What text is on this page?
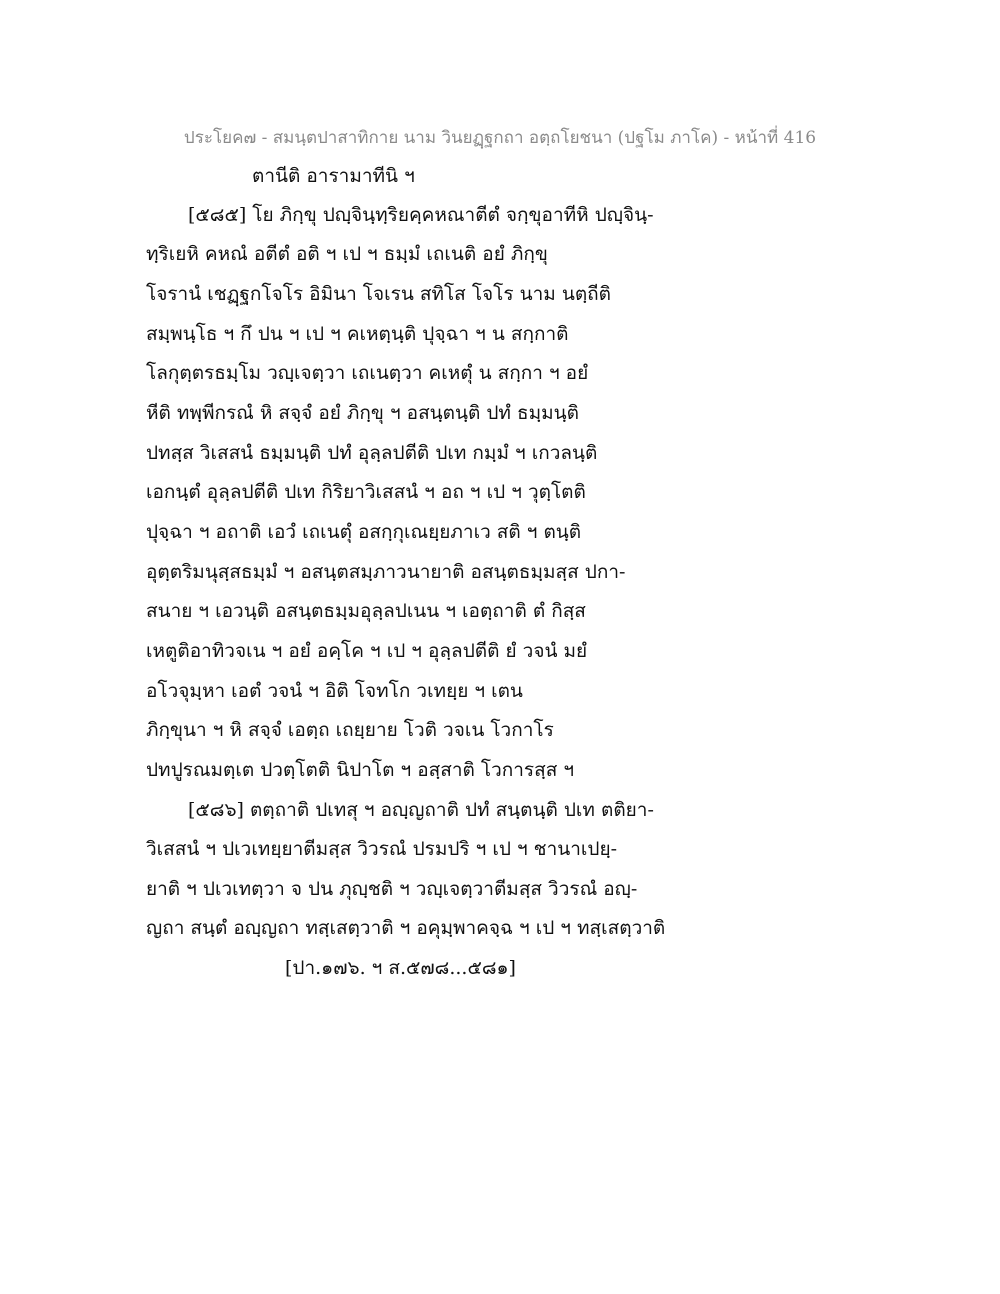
ประโยค๗ - สมนฺตปาสาทิกาย นาม วินยฏฺฐกถา อตฺถโยชนา (ปฐโม ภาโค) - หน้าที่ 416
ตานีติ อารามาทีนิ ฯ
[๕๘๕] โย ภิกฺขุ ปญฺจินฺทฺริยคฺคหณาตีตํ จกฺขุอาทีหิ ปญฺจินฺ-
ทฺริเยหิ คหณํ อตีตํ อติ ฯ เป ฯ ธมฺมํ เถเนติ อยํ ภิกฺขุ
โจรานํ เชฏฺฐกโจโร อิมินา โจเรน สทิโส โจโร นาม นตฺถีติ
สมฺพนฺโธ ฯ กึ ปน ฯ เป ฯ คเหตฺนฺติ ปุจฺฉา ฯ น สกฺกาติ
โลกุตฺตรธมฺโม วญฺเจตฺวา เถเนตฺวา คเหตุํ น สกฺกา ฯ อยํ
หีติ ทพฺพีกรณํ หิ สจฺจํ อยํ ภิกฺขุ ฯ อสนฺตนฺติ ปทํ ธมฺมนฺติ
ปทสฺส วิเสสนํ ธมฺมนฺติ ปทํ อุลฺลปตีติ ปเท กมฺมํ ฯ เกวลนฺติ
เอกนฺตํ อุลฺลปตีติ ปเท กิริยาวิเสสนํ ฯ อถ ฯ เป ฯ วุตฺโตติ
ปุจฺฉา ฯ อถาติ เอวํ เถเนตุํ อสกฺกุเณยฺยภาเว สติ ฯ ตนฺติ
อุตฺตริมนุสฺสธมฺมํ ฯ อสนฺตสมฺภาวนายาติ อสนฺตธมฺมสฺส ปกา-
สนาย ฯ เอวนฺติ อสนฺตธมฺมอุลฺลปเนน ฯ เอตฺถาติ ตํ กิสฺส
เหตูติอาทิวจเน ฯ อยํ อคฺโค ฯ เป ฯ อุลฺลปตีติ ยํ วจนํ มยํ
อโวจุมฺหา เอตํ วจนํ ฯ อิติ โจทโก วเทยฺย ฯ เตน
ภิกฺขุนา ฯ หิ สจฺจํ เอตฺถ เถยฺยาย โวติ วจเน โวกาโร
ปทปูรณมตฺเต ปวตฺโตติ นิปาโต ฯ อสฺสาติ โวการสฺส ฯ
[๕๘๖] ตตฺถาติ ปเทสุ ฯ อญฺญถาติ ปทํ สนฺตนฺติ ปเท ตติยา-
วิเสสนํ ฯ ปเวเทยฺยาตีมสฺส วิวรณํ ปรมปริ ฯ เป ฯ ชานาเปยฺ-
ยาติ ฯ ปเวเทตฺวา จ ปน ภุญฺชติ ฯ วญฺเจตฺวาตีมสฺส วิวรณํ อญฺ-
ญถา สนฺตํ อญฺญถา ทสฺเสตฺวาติ ฯ อคุมฺพาคจฺฉ ฯ เป ฯ ทสฺเสตฺวาติ
[ปา.๑๗๖. ฯ ส.๕๗๘...๕๘๑]
